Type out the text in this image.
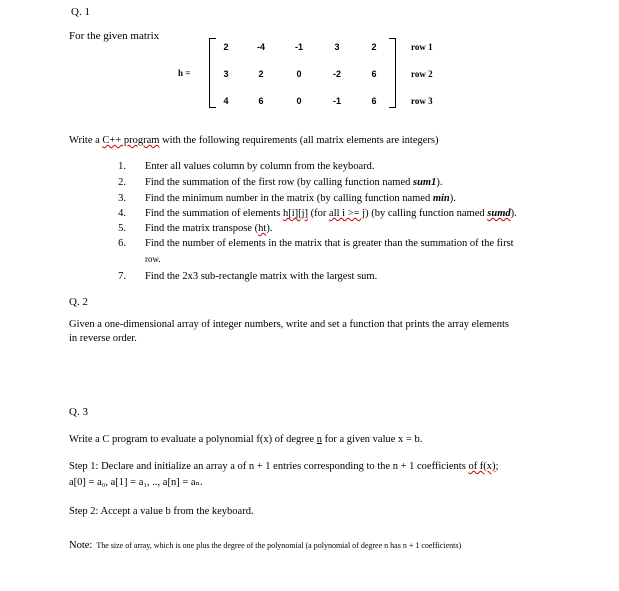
Q. 1
For the given matrix
h =
2	-4	-1	3	2
3	2	0	-2	6
4	6	0	-1	6
row 1
row 2
row 3
Write a C++ program with the following requirements (all matrix elements are integers)
1. Enter all values column by column from the keyboard.
2. Find the summation of the first row (by calling function named sum1).
3. Find the minimum number in the matrix (by calling function named min).
4. Find the summation of elements h[i][j] (for all i >= j) (by calling function named sumd).
5. Find the matrix transpose (ht).
6. Find the number of elements in the matrix that is greater than the summation of the first
row.
7. Find the 2x3 sub-rectangle matrix with the largest sum.
Q. 2
Given a one-dimensional array of integer numbers, write and set a function that prints the array elements
in reverse order.
Q. 3
Write a C program to evaluate a polynomial f(x) of degree n for a given value x = b.
Step 1: Declare and initialize an array a of n + 1 entries corresponding to the n + 1 coefficients of f(x);
a[0] = a₀, a[1] = a₁, .., a[n] = aₙ.
Step 2: Accept a value b from the keyboard.
Note: The size of array, which is one plus the degree of the polynomial (a polynomial of degree n has n + 1 coefficients)
